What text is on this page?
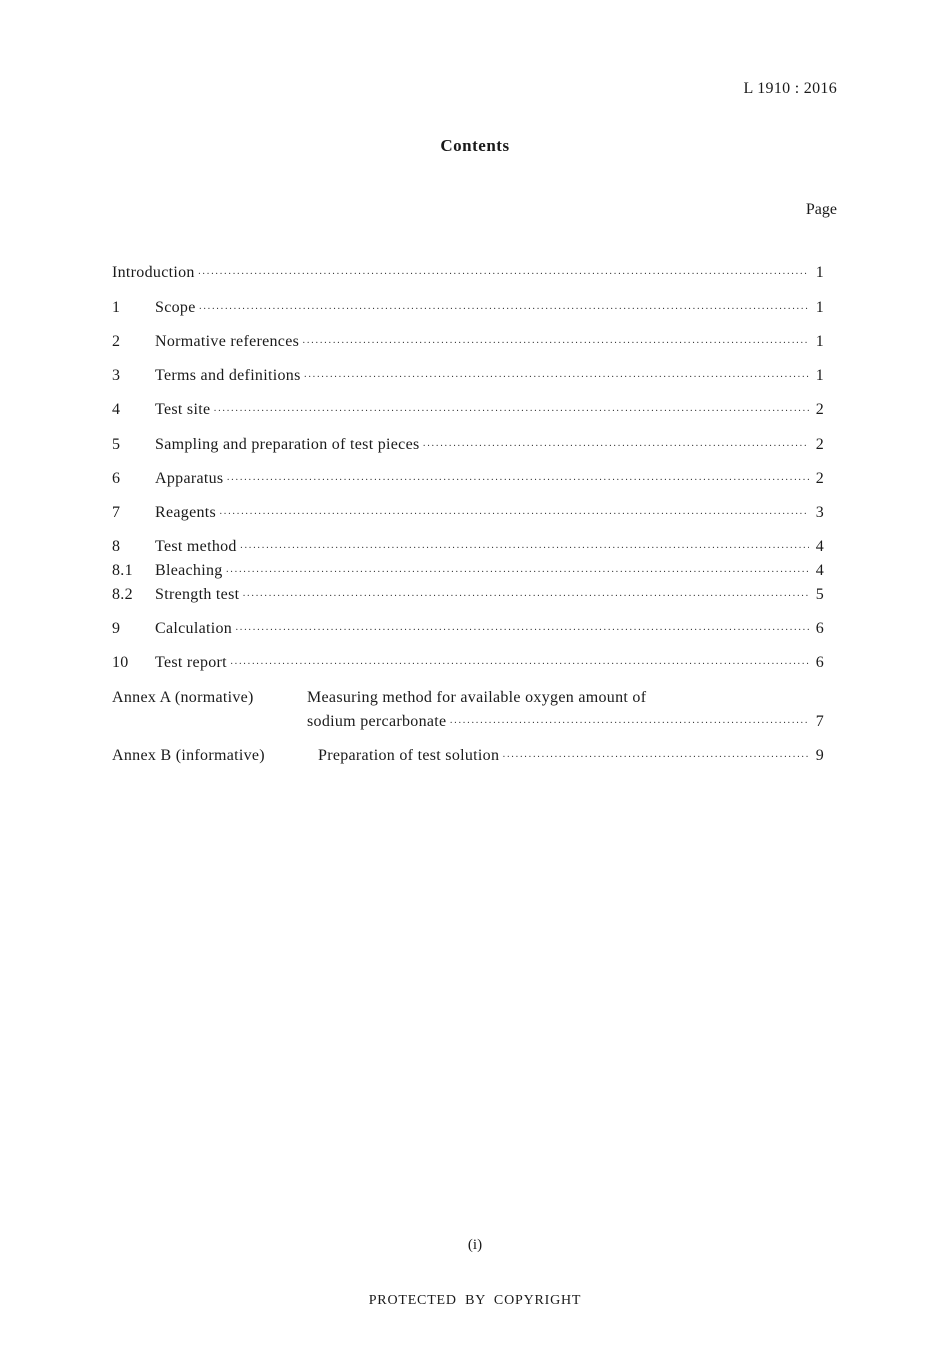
L 1910 : 2016
Contents
Page
Introduction ·····	1
1	Scope ·····	1
2	Normative references ·····	1
3	Terms and definitions ·····	1
4	Test site ·····	2
5	Sampling and preparation of test pieces ·····	2
6	Apparatus ·····	2
7	Reagents ·····	3
8	Test method ·····	4
8.1	Bleaching ·····	4
8.2	Strength test ·····	5
9	Calculation ·····	6
10	Test report ·····	6
Annex A (normative)	Measuring method for available oxygen amount of
sodium percarbonate ·····	7
Annex B (informative)	Preparation of test solution ·····	9
(i)
PROTECTED BY COPYRIGHT
